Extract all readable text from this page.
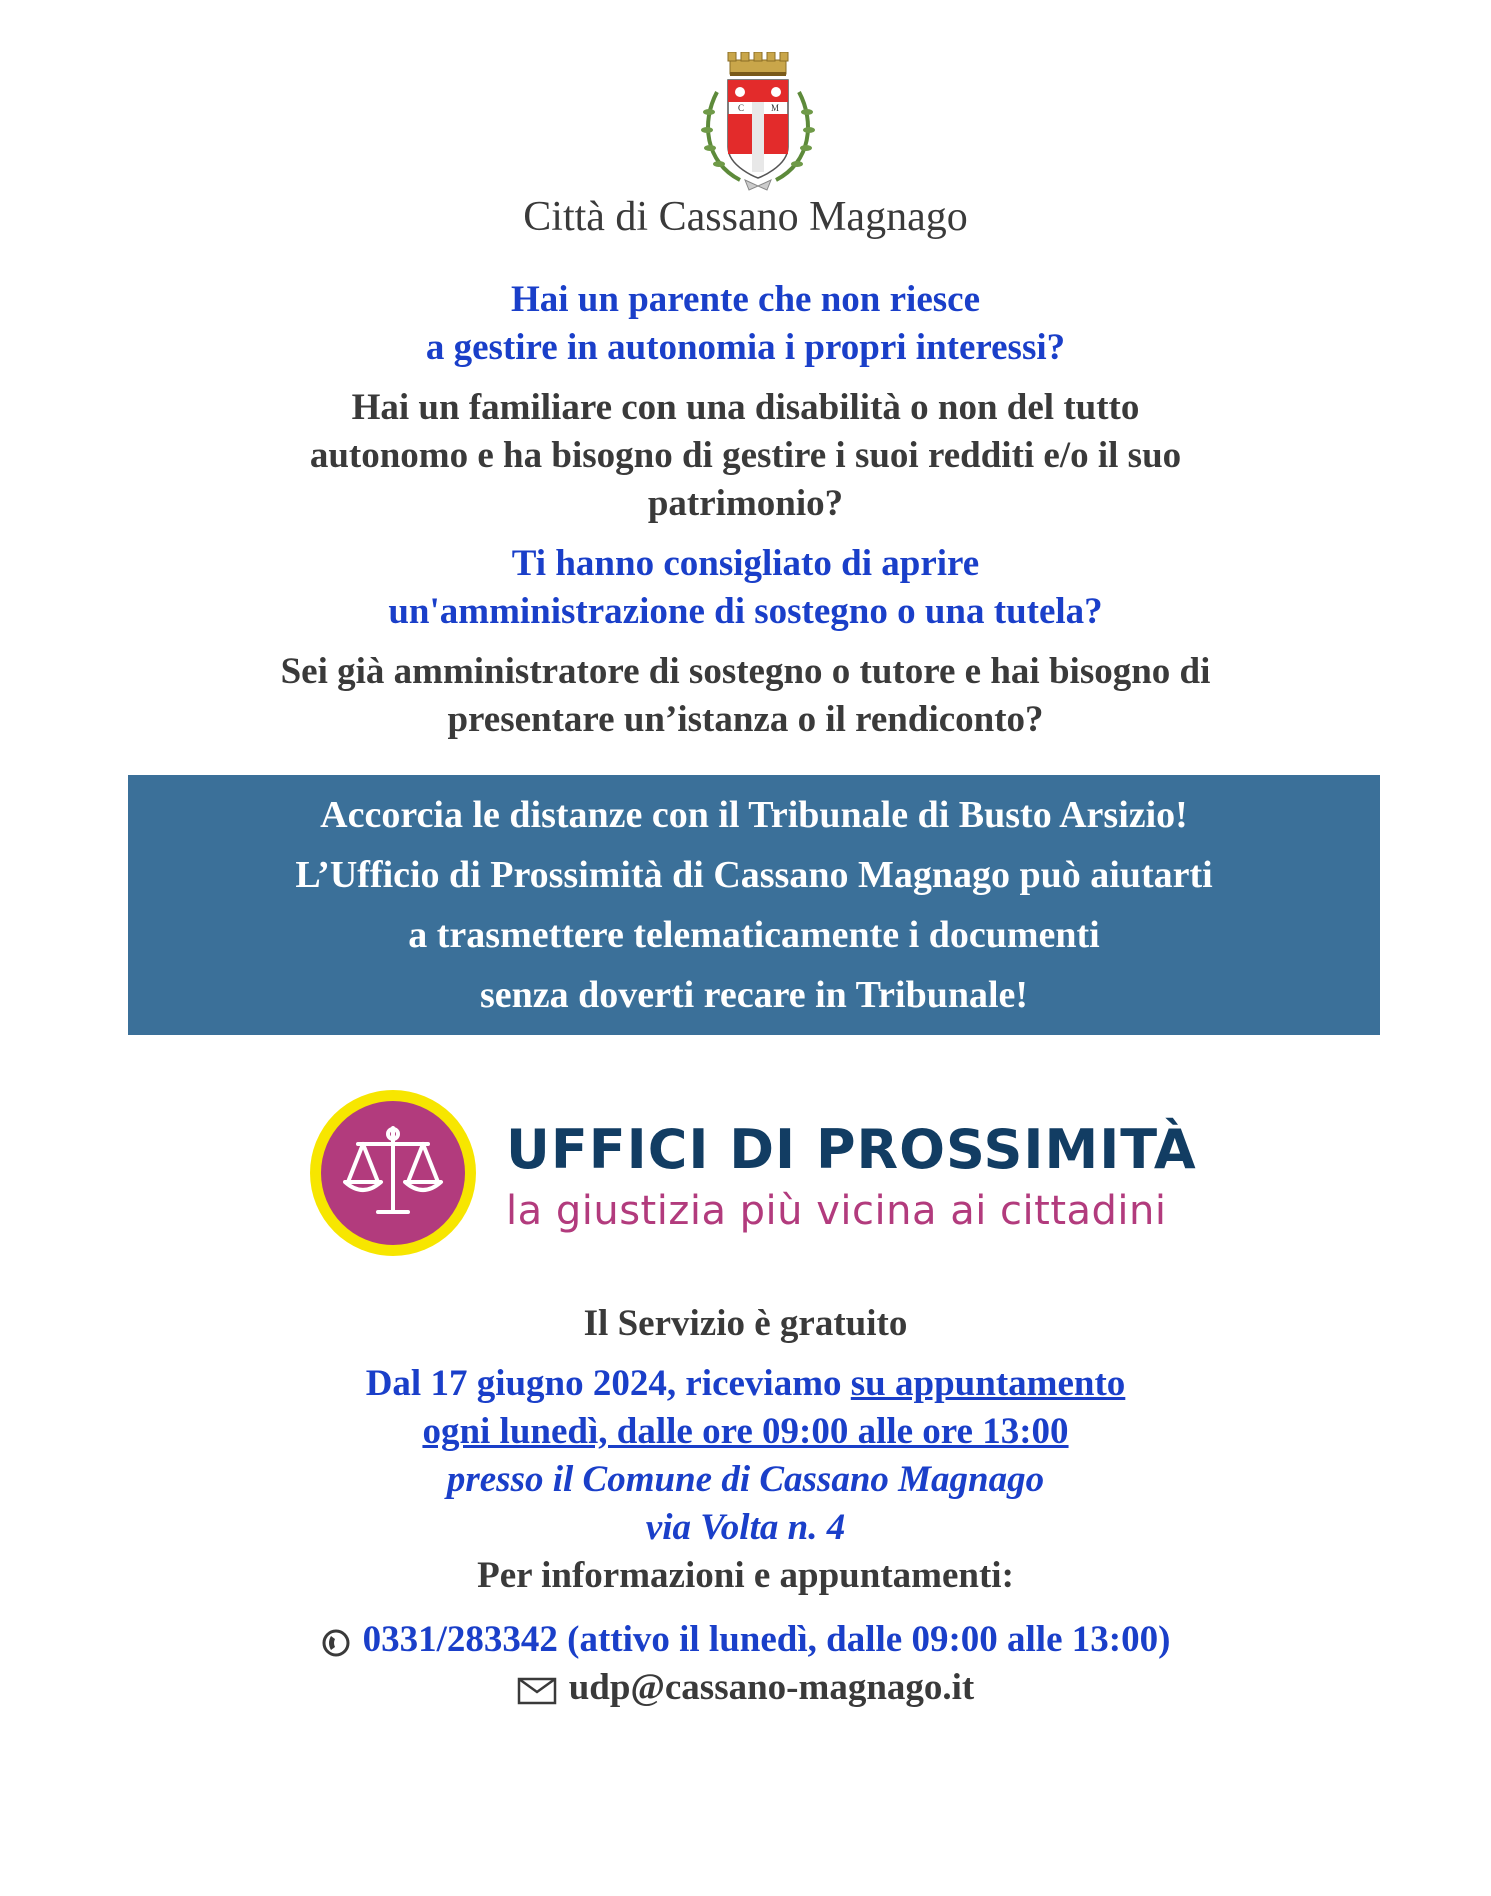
C	M
Città di Cassano Magnago
Hai un parente che non riesce
a gestire in autonomia i propri interessi?
Hai un familiare con una disabilità o non del tutto
autonomo e ha bisogno di gestire i suoi redditi e/o il suo
patrimonio?
Ti hanno consigliato di aprire
un'amministrazione di sostegno o una tutela?
Sei già amministratore di sostegno o tutore e hai bisogno di
presentare un’istanza o il rendiconto?
Accorcia le distanze con il Tribunale di Busto Arsizio!
L’Ufficio di Prossimità di Cassano Magnago può aiutarti
a trasmettere telematicamente i documenti
senza doverti recare in Tribunale!
UFFICI DI PROSSIMITÀ
la giustizia più vicina ai cittadini
Il Servizio è gratuito
Dal 17 giugno 2024, riceviamo su appuntamento
ogni lunedì, dalle ore 09:00 alle ore 13:00
presso il Comune di Cassano Magnago
via Volta n. 4
Per informazioni e appuntamenti:
0331/283342 (attivo il lunedì, dalle 09:00 alle 13:00)
udp@cassano-magnago.it
